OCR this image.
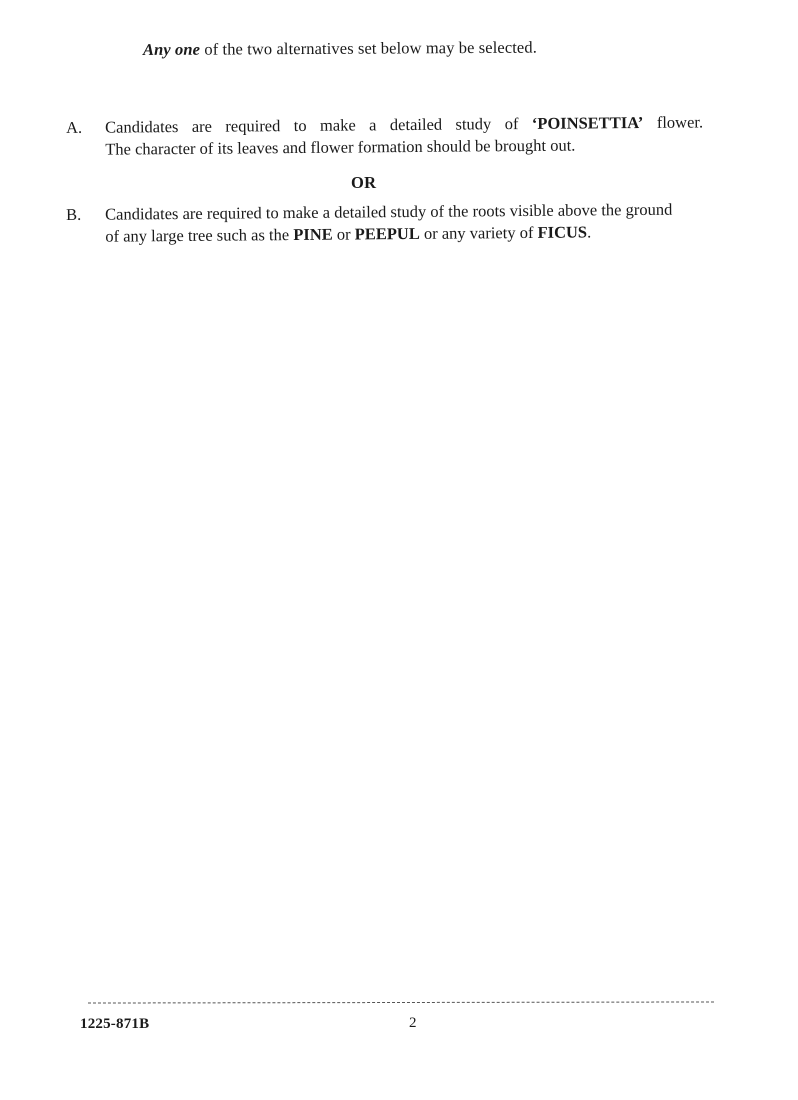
Any one of the two alternatives set below may be selected.
A.	Candidates are required to make a detailed study of ‘POINSETTIA’ flower.
The character of its leaves and flower formation should be brought out.
OR
B.	Candidates are required to make a detailed study of the roots visible above the ground
of any large tree such as the PINE or PEEPUL or any variety of FICUS.
1225-871B	2
